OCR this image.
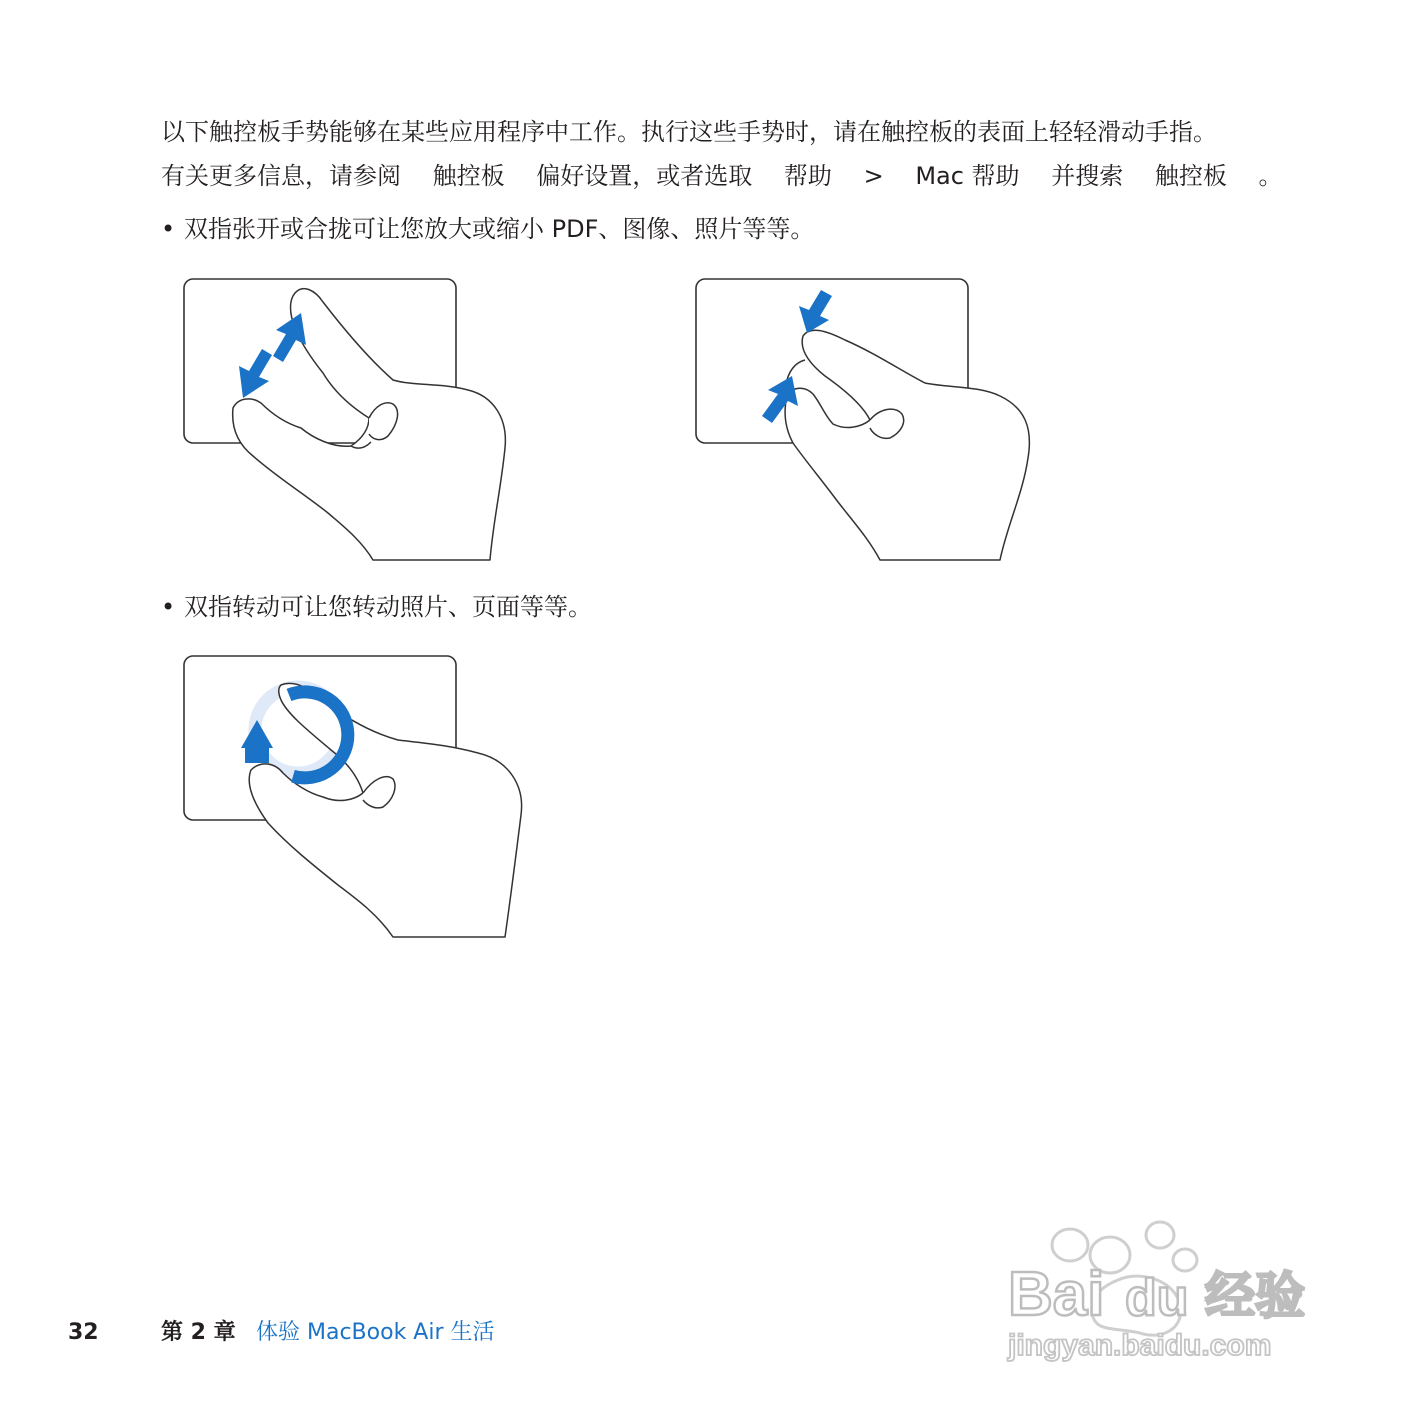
以下触控板手势能够在某些应用程序中工作。执行这些手势时，请在触控板的表面上轻轻滑动手指。
有关更多信息，请参阅 触控板 偏好设置，或者选取 帮助 > Mac 帮助 并搜索 触控板 。
• 双指张开或合拢可让您放大或缩小 PDF、图像、照片等等。
• 双指转动可让您转动照片、页面等等。
32	第 2 章 体验 MacBook Air 生活
Bai du 经验
jingyan.baidu.com
